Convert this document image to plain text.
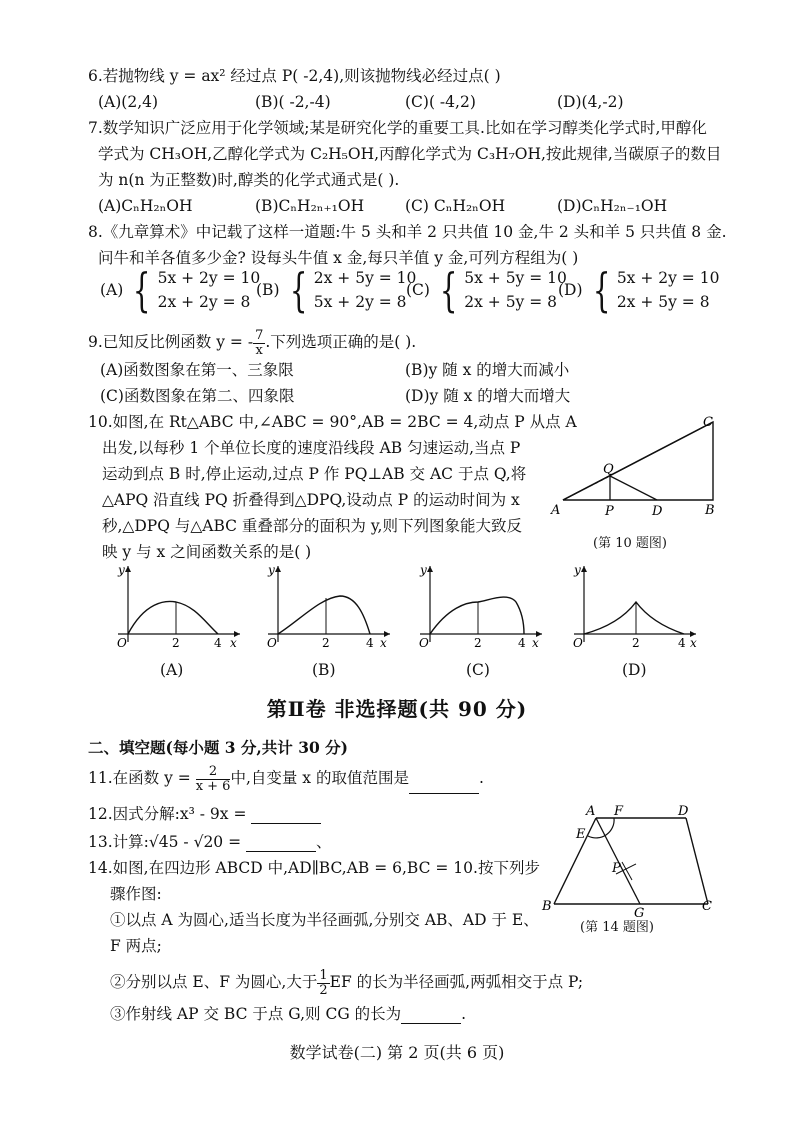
6.若抛物线 y = ax² 经过点 P( -2,4),则该抛物线必经过点( )
(A)(2,4)	(B)( -2,-4)	(C)( -4,2)	(D)(4,-2)
7.数学知识广泛应用于化学领域;某是研究化学的重要工具.比如在学习醇类化学式时,甲醇化
学式为 CH₃OH,乙醇化学式为 C₂H₅OH,丙醇化学式为 C₃H₇OH,按此规律,当碳原子的数目
为 n(n 为正整数)时,醇类的化学式通式是( ).
(A)CₙH₂ₙOH	(B)CₙH₂ₙ₊₁OH	(C) CₙH₂ₙOH	(D)CₙH₂ₙ₋₁OH
8.《九章算术》中记载了这样一道题:牛 5 头和羊 2 只共值 10 金,牛 2 头和羊 5 只共值 8 金.
问牛和羊各值多少金? 设每头牛值 x 金,每只羊值 y 金,可列方程组为( )
(A) { 5x + 2y = 10
2x + 2y = 8
(B) { 2x + 5y = 10
5x + 2y = 8
(C) { 5x + 5y = 10
2x + 5y = 8
(D) { 5x + 2y = 10
2x + 5y = 8
9.已知反比例函数 y = - $\frac{7}{x}$ .下列选项正确的是( ).
(A)函数图象在第一、三象限	(B)y 随 x 的增大而减小
(C)函数图象在第二、四象限	(D)y 随 x 的增大而增大
10.如图,在 Rt△ABC 中,∠ABC = 90°,AB = 2BC = 4,动点 P 从点 A
出发,以每秒 1 个单位长度的速度沿线段 AB 匀速运动,当点 P
运动到点 B 时,停止运动,过点 P 作 PQ⊥AB 交 AC 于点 Q,将
△APQ 沿直线 PQ 折叠得到△DPQ,设动点 P 的运动时间为 x
秒,△DPQ 与△ABC 重叠部分的面积为 y,则下列图象能大致反
映 y 与 x 之间函数关系的是( )
A	B
C
P
Q
D
(第 10 题图)
y
O	2	4 x
y
O	2	4 x
y
O	2	4 x
y
O	2	4 x
(A)	(B)	(C)	(D)
第Ⅱ卷 非选择题(共 90 分)
二、填空题(每小题 3 分,共计 30 分)
11.在函数 $y = \frac{2}{x + 6}$ 中,自变量 x 的取值范围是	.
12.因式分解:x³ - 9x =
13.计算:√45 - √20 =	、
14.如图,在四边形 ABCD 中,AD∥BC,AB = 6,BC = 10.按下列步
骤作图:
①以点 A 为圆心,适当长度为半径画弧,分别交 AB、AD 于 E、
F 两点;
②分别以点 E、F 为圆心,大于 $\frac{1}{2}$ EF 的长为半径画弧,两弧相交于点 P;
③作射线 AP 交 BC 于点 G,则 CG 的长为	.
A F	D
E
P
B	G	C
(第 14 题图)
数学试卷(二) 第 2 页(共 6 页)
